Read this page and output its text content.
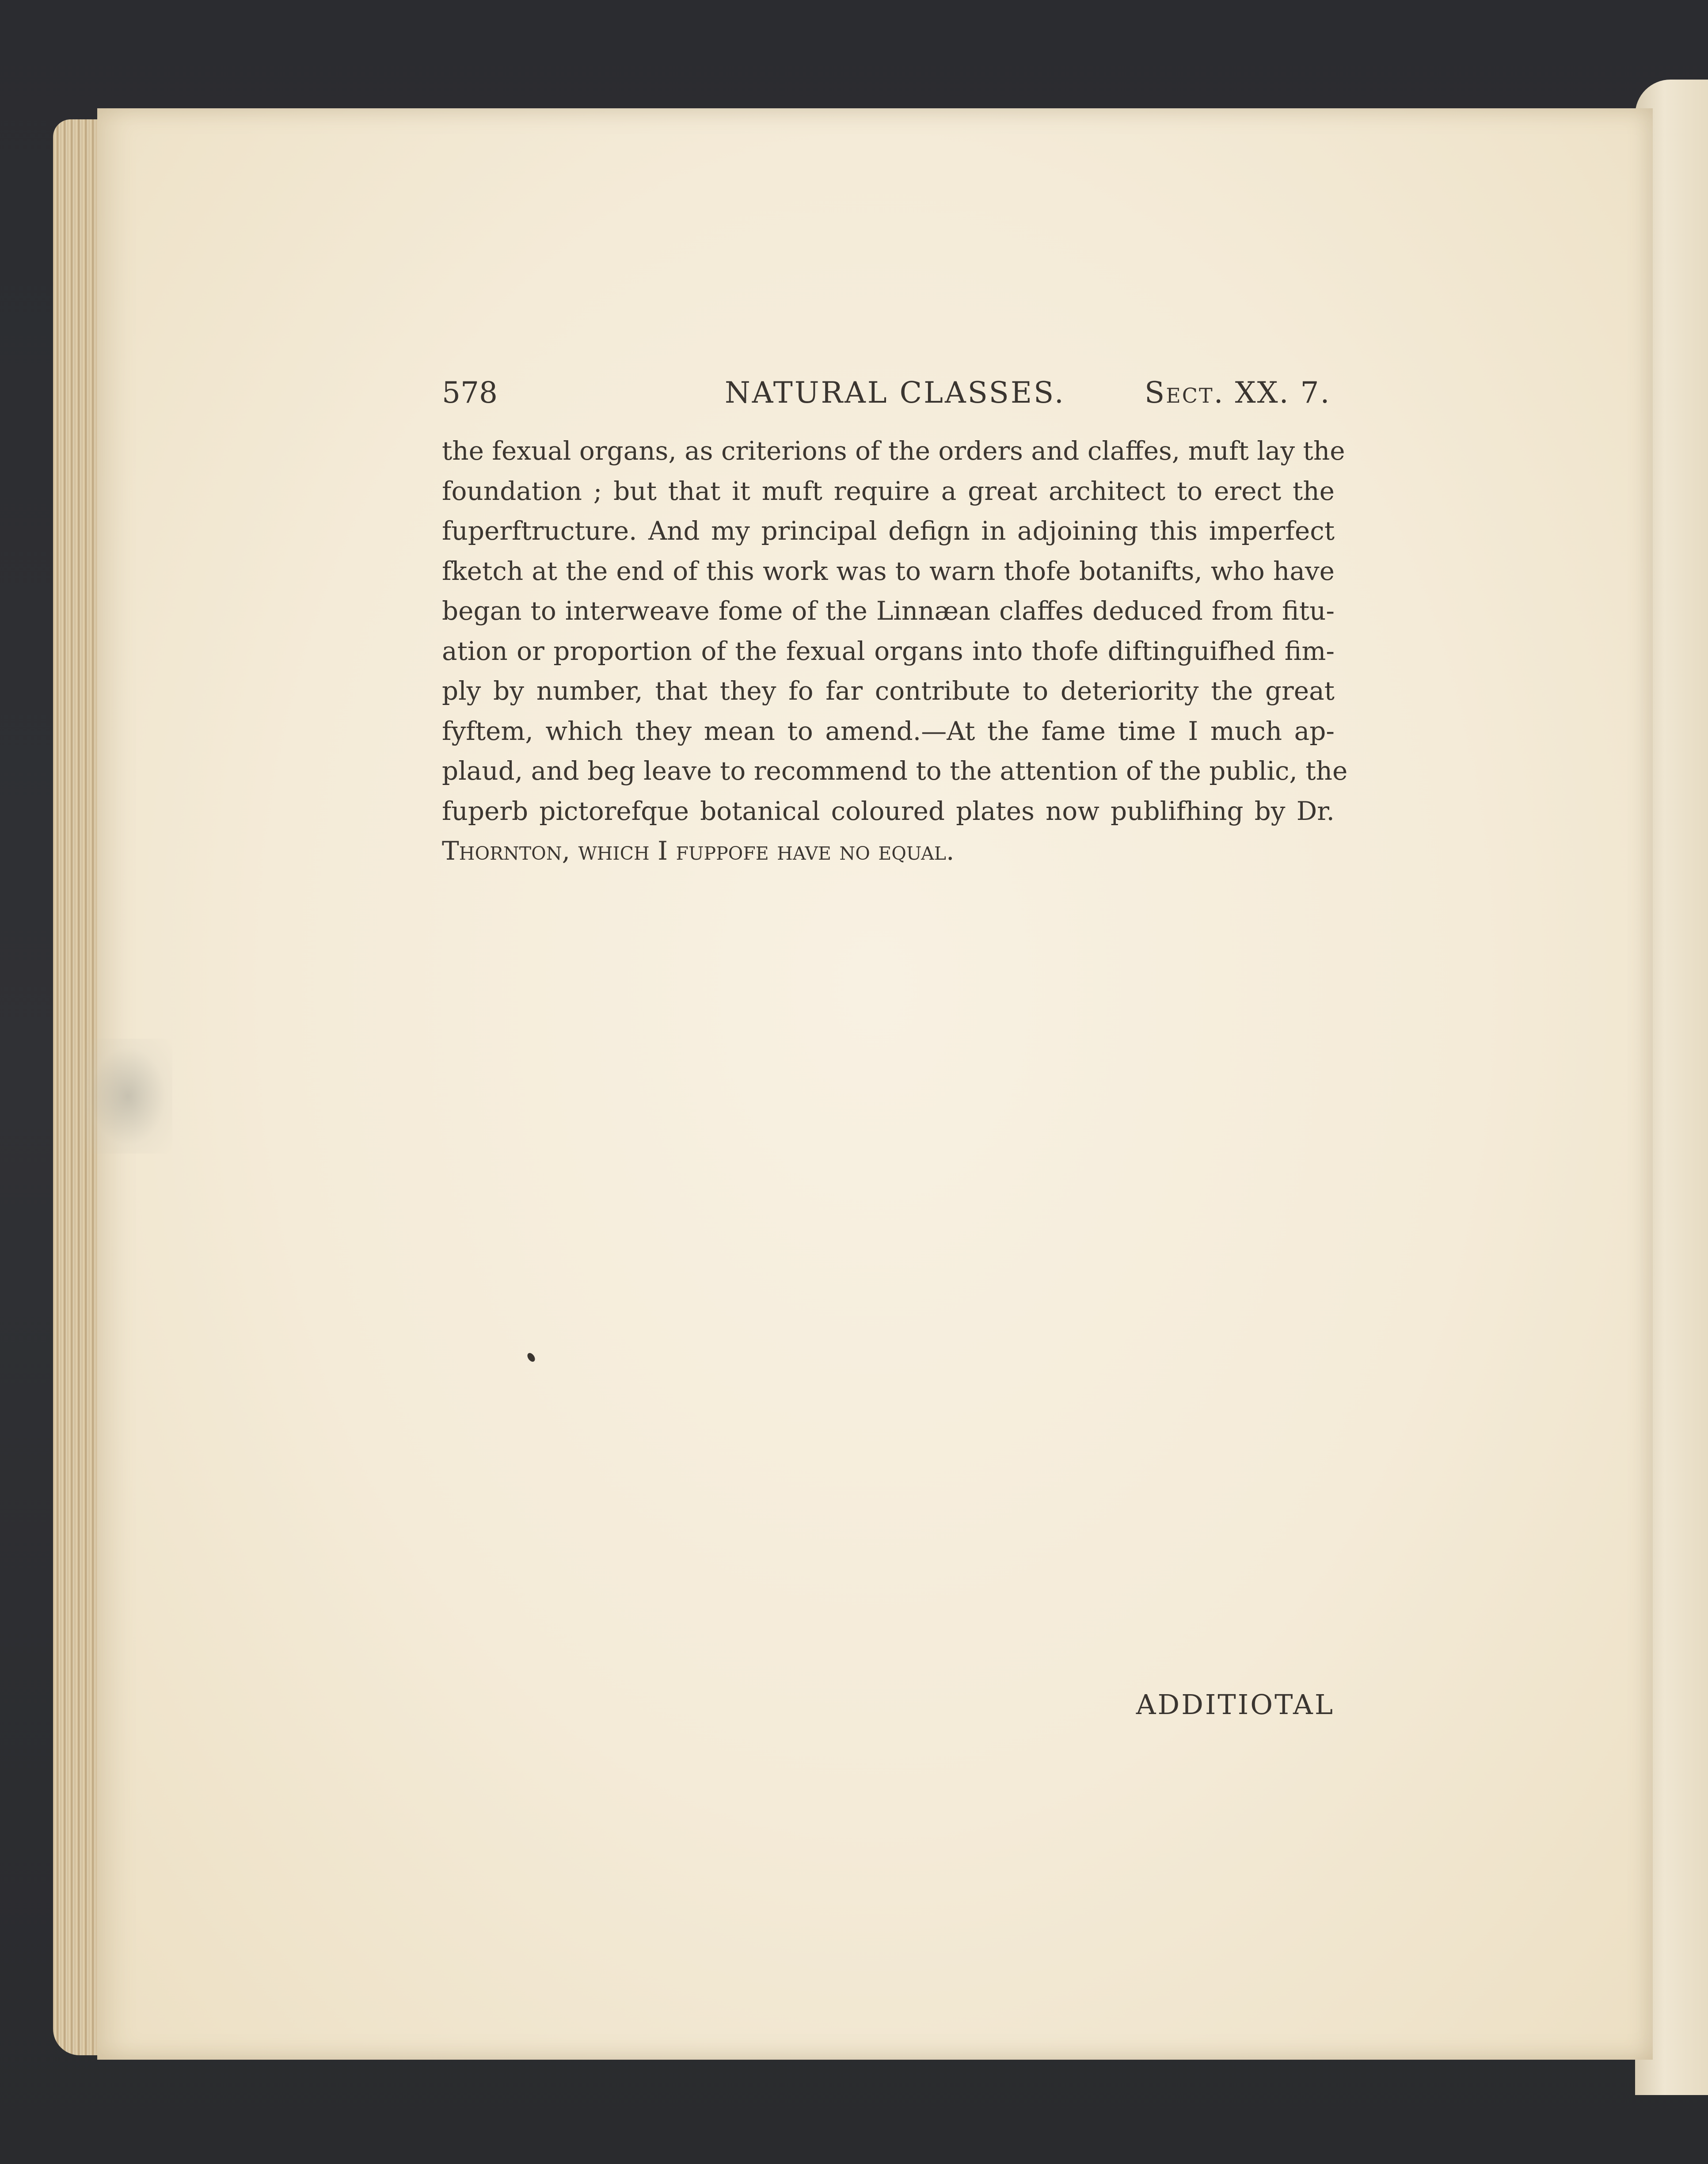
578	NATURAL CLASSES.	Sect. XX. 7.
the fexual organs, as criterions of the orders and claffes, muft lay the
foundation ; but that it muft require a great architect to erect the
fuperftructure. And my principal defign in adjoining this imperfect
fketch at the end of this work was to warn thofe botanifts, who have
began to interweave fome of the Linnæan claffes deduced from fitu-
ation or proportion of the fexual organs into thofe diftinguifhed fim-
ply by number, that they fo far contribute to deteriority the great
fyftem, which they mean to amend.—At the fame time I much ap-
plaud, and beg leave to recommend to the attention of the public, the
fuperb pictorefque botanical coloured plates now publifhing by Dr.
Thornton, which I fuppofe have no equal.
ADDITIOTAL
